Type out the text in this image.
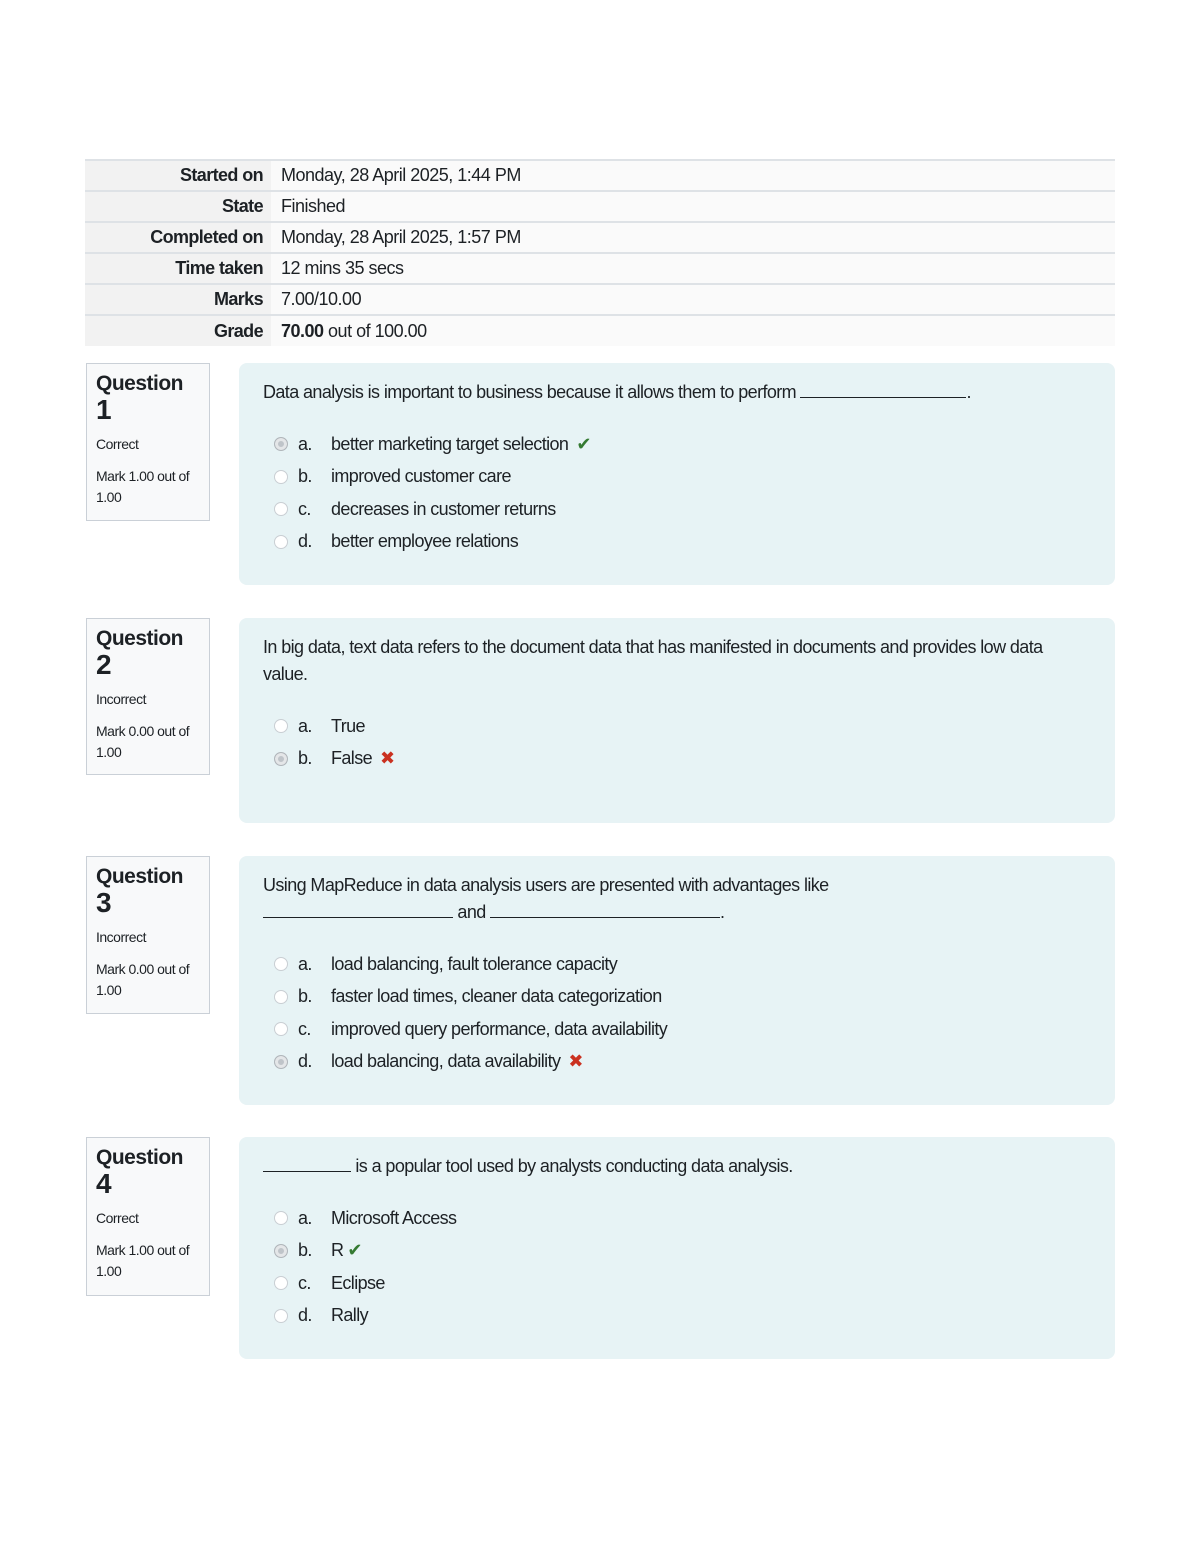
Started on	Monday, 28 April 2025, 1:44 PM
State	Finished
Completed on	Monday, 28 April 2025, 1:57 PM
Time taken	12 mins 35 secs
Marks	7.00/10.00
Grade	70.00 out of 100.00
Question
1
Correct
Mark 1.00 out of 1.00

Data analysis is important to business because it allows them to perform	.

a.	better marketing target selection ✔
b.	improved customer care
c.	decreases in customer returns
d.	better employee relations
Question
2
Incorrect
Mark 0.00 out of 1.00

In big data, text data refers to the document data that has manifested in documents and provides low data value.

a.	True
b.	False ✖
Question
3
Incorrect
Mark 0.00 out of 1.00

Using MapReduce in data analysis users are presented with advantages like
and	.

a.	load balancing, fault tolerance capacity
b.	faster load times, cleaner data categorization
c.	improved query performance, data availability
d.	load balancing, data availability ✖
Question
4
Correct
Mark 1.00 out of 1.00

is a popular tool used by analysts conducting data analysis.

a.	Microsoft Access
b.	R ✔
c.	Eclipse
d.	Rally
